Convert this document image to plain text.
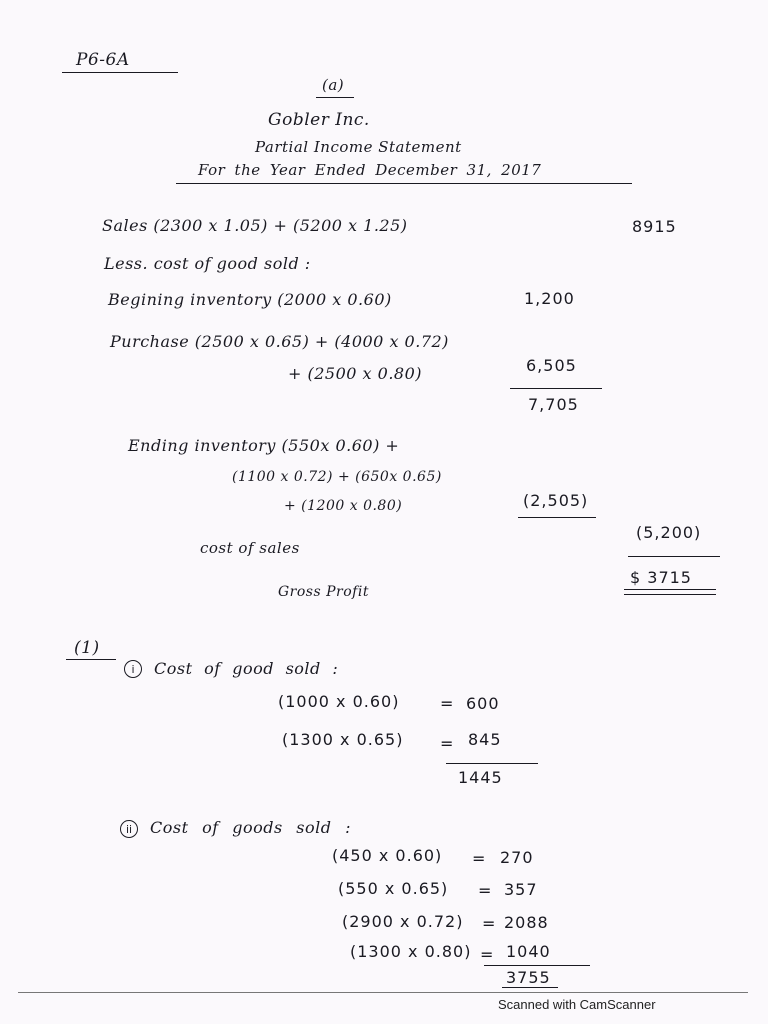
P6-6A
(a)
Gobler Inc.
Partial Income Statement
For the Year Ended December 31, 2017
Sales (2300 x 1.05) + (5200 x 1.25)	8915
Less. cost of good sold :
Begining inventory (2000 x 0.60)	1,200
Purchase (2500 x 0.65) + (4000 x 0.72)
+ (2500 x 0.80)	6,505
7,705
Ending inventory (550x 0.60) +
(1100 x 0.72) + (650x 0.65)
+ (1200 x 0.80)	(2,505)
cost of sales
(5,200)
Gross Profit
$ 3715
(1)
i	Cost of good sold :
(1000 x 0.60)	= 600
(1300 x 0.65) = 845
1445
ii	Cost of goods sold :
(450 x 0.60) = 270
(550 x 0.65) = 357
(2900 x 0.72) = 2088
(1300 x 0.80) = 1040
3755
Scanned with CamScanner
